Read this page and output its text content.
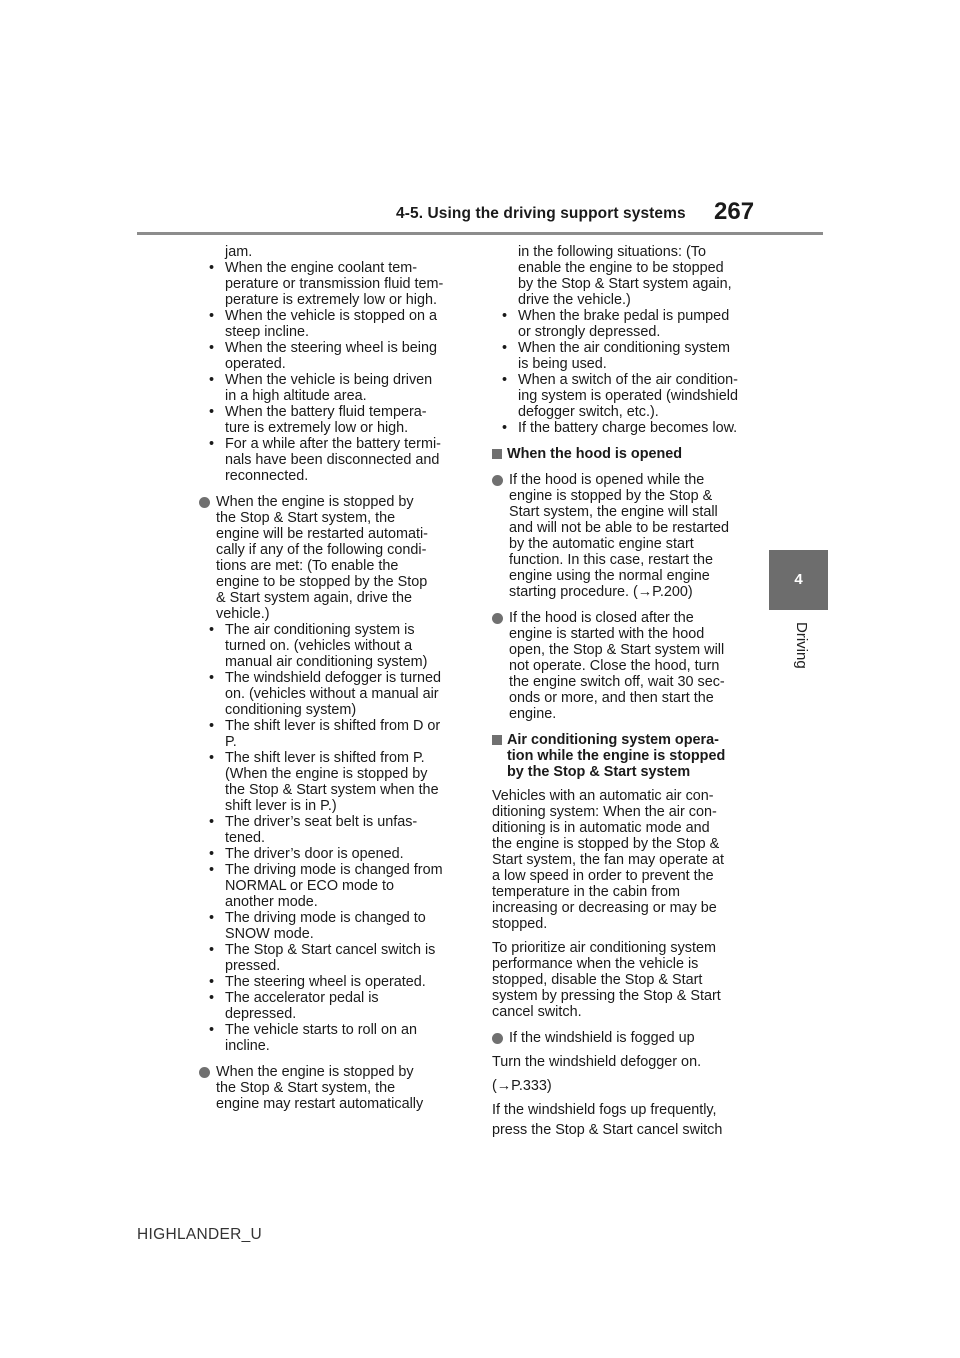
4-5. Using the driving support systems 267
4
Driving
jam.
• When the engine coolant tem-
perature or transmission fluid tem-
perature is extremely low or high.
• When the vehicle is stopped on a
steep incline.
• When the steering wheel is being
operated.
• When the vehicle is being driven
in a high altitude area.
• When the battery fluid tempera-
ture is extremely low or high.
• For a while after the battery termi-
nals have been disconnected and
reconnected.
When the engine is stopped by
the Stop & Start system, the
engine will be restarted automati-
cally if any of the following condi-
tions are met: (To enable the
engine to be stopped by the Stop
& Start system again, drive the
vehicle.)
• The air conditioning system is
turned on. (vehicles without a
manual air conditioning system)
• The windshield defogger is turned
on. (vehicles without a manual air
conditioning system)
• The shift lever is shifted from D or
P.
• The shift lever is shifted from P.
(When the engine is stopped by
the Stop & Start system when the
shift lever is in P.)
• The driver’s seat belt is unfas-
tened.
• The driver’s door is opened.
• The driving mode is changed from
NORMAL or ECO mode to
another mode.
• The driving mode is changed to
SNOW mode.
• The Stop & Start cancel switch is
pressed.
• The steering wheel is operated.
• The accelerator pedal is
depressed.
• The vehicle starts to roll on an
incline.
When the engine is stopped by
the Stop & Start system, the
engine may restart automatically
in the following situations: (To
enable the engine to be stopped
by the Stop & Start system again,
drive the vehicle.)
• When the brake pedal is pumped
or strongly depressed.
• When the air conditioning system
is being used.
• When a switch of the air condition-
ing system is operated (windshield
defogger switch, etc.).
• If the battery charge becomes low.
When the hood is opened
If the hood is opened while the
engine is stopped by the Stop &
Start system, the engine will stall
and will not be able to be restarted
by the automatic engine start
function. In this case, restart the
engine using the normal engine
starting procedure. (→P.200)
If the hood is closed after the
engine is started with the hood
open, the Stop & Start system will
not operate. Close the hood, turn
the engine switch off, wait 30 sec-
onds or more, and then start the
engine.
Air conditioning system opera-
tion while the engine is stopped
by the Stop & Start system
Vehicles with an automatic air con-
ditioning system: When the air con-
ditioning is in automatic mode and
the engine is stopped by the Stop &
Start system, the fan may operate at
a low speed in order to prevent the
temperature in the cabin from
increasing or decreasing or may be
stopped.
To prioritize air conditioning system
performance when the vehicle is
stopped, disable the Stop & Start
system by pressing the Stop & Start
cancel switch.
If the windshield is fogged up
Turn the windshield defogger on.
(→P.333)
If the windshield fogs up frequently,
press the Stop & Start cancel switch
HIGHLANDER_U
